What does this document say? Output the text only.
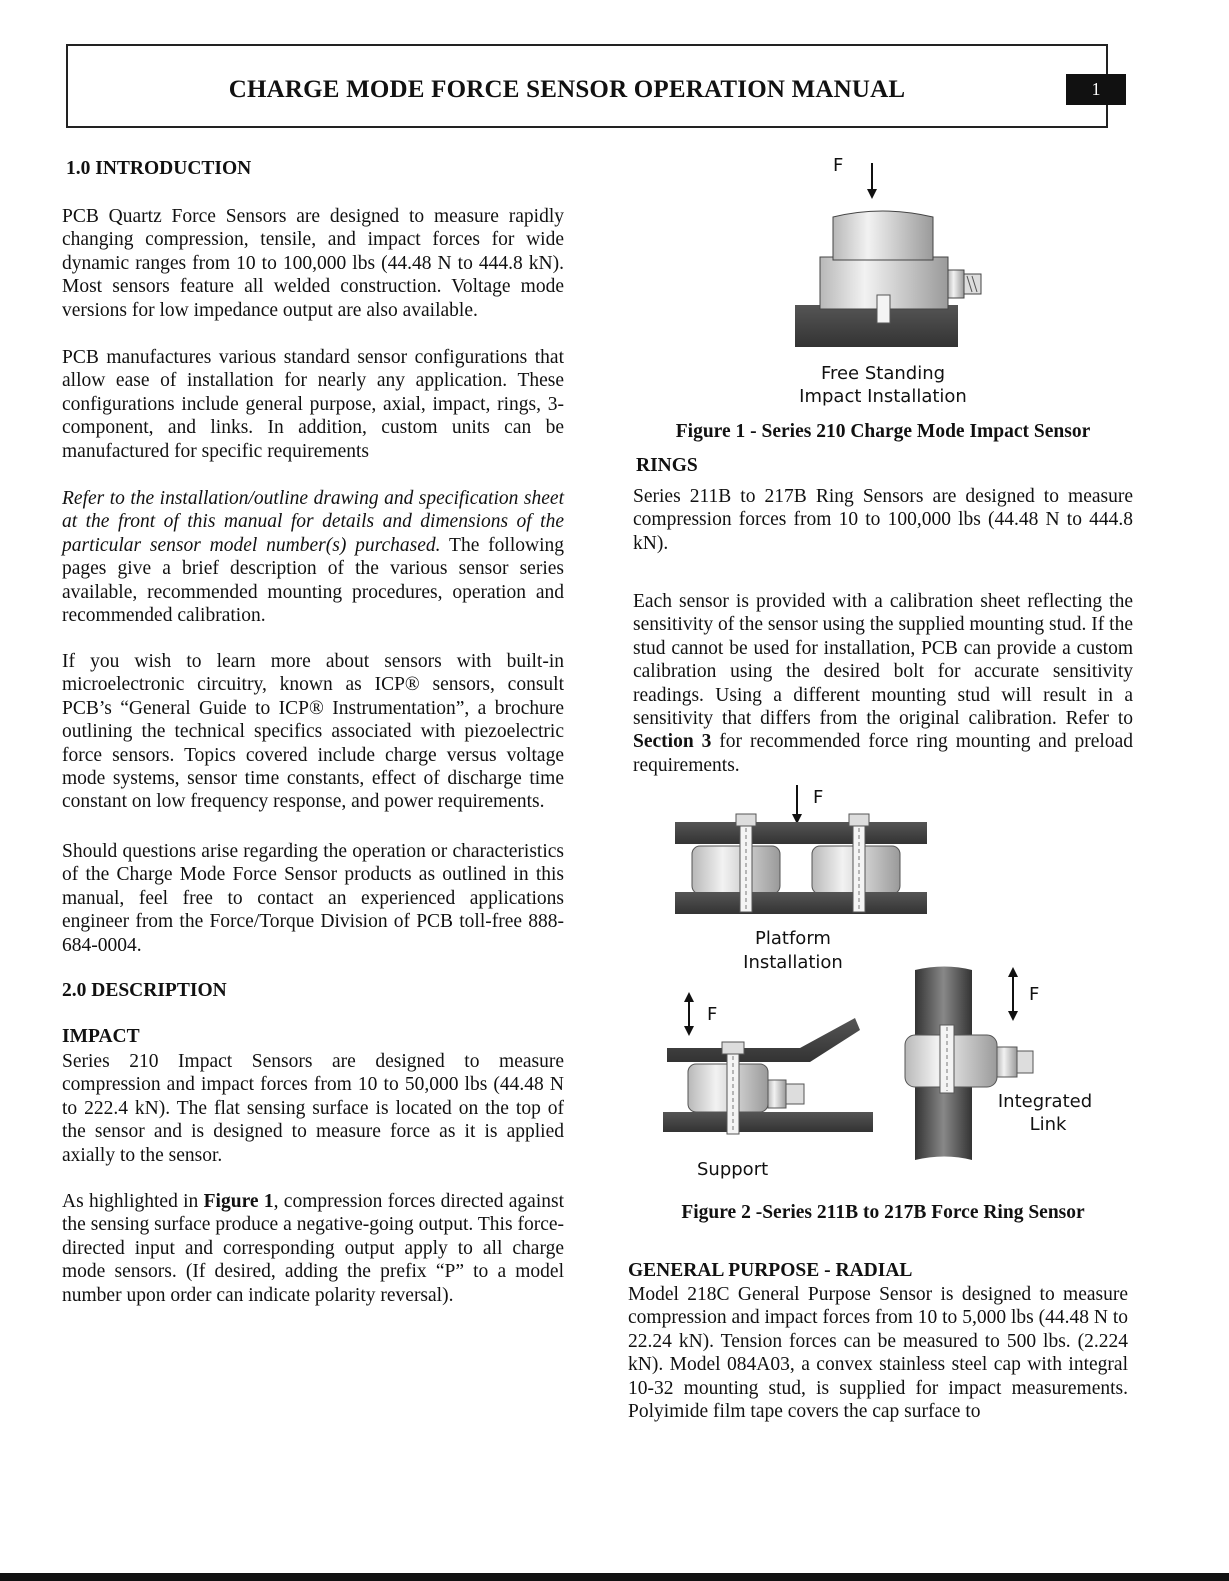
CHARGE MODE FORCE SENSOR OPERATION MANUAL	1
1.0 INTRODUCTION

PCB Quartz Force Sensors are designed to measure rapidly changing compression, tensile, and impact forces for wide dynamic ranges from 10 to 100,000 lbs (44.48 N to 444.8 kN). Most sensors feature all welded construction. Voltage mode versions for low impedance output are also available.

PCB manufactures various standard sensor configurations that allow ease of installation for nearly any application. These configurations include general purpose, axial, impact, rings, 3-component, and links. In addition, custom units can be manufactured for specific requirements

Refer to the installation/outline drawing and specification sheet at the front of this manual for details and dimensions of the particular sensor model number(s) purchased. The following pages give a brief description of the various sensor series available, recommended mounting procedures, operation and recommended calibration.

If you wish to learn more about sensors with built-in microelectronic circuitry, known as ICP® sensors, consult PCB’s “General Guide to ICP® Instrumentation”, a brochure outlining the technical specifics associated with piezoelectric force sensors. Topics covered include charge versus voltage mode systems, sensor time constants, effect of discharge time constant on low frequency response, and power requirements.

Should questions arise regarding the operation or characteristics of the Charge Mode Force Sensor products as outlined in this manual, feel free to contact an experienced applications engineer from the Force/Torque Division of PCB toll-free 888-684-0004.

2.0 DESCRIPTION
IMPACT

Series 210 Impact Sensors are designed to measure compression and impact forces from 10 to 50,000 lbs (44.48 N to 222.4 kN). The flat sensing surface is located on the top of the sensor and is designed to measure force as it is applied axially to the sensor.

As highlighted in Figure 1, compression forces directed against the sensing surface produce a negative-going output. This force-directed input and corresponding output apply to all charge mode sensors. (If desired, adding the prefix “P” to a model number upon order can indicate polarity reversal).

F
Free Standing
Impact Installation
Figure 1 - Series 210 Charge Mode Impact Sensor
RINGS

Series 211B to 217B Ring Sensors are designed to measure compression forces from 10 to 100,000 lbs (44.48 N to 444.8 kN).

Each sensor is provided with a calibration sheet reflecting the sensitivity of the sensor using the supplied mounting stud. If the stud cannot be used for installation, PCB can provide a custom calibration using the desired bolt for accurate sensitivity readings. Using a different mounting stud will result in a sensitivity that differs from the original calibration. Refer to Section 3 for recommended force ring mounting and preload requirements.

F
Platform
Installation
F
Support
F
Integrated
Link
Figure 2 -Series 211B to 217B Force Ring Sensor
GENERAL PURPOSE - RADIAL

Model 218C General Purpose Sensor is designed to measure compression and impact forces from 10 to 5,000 lbs (44.48 N to 22.24 kN). Tension forces can be measured to 500 lbs. (2.224 kN). Model 084A03, a convex stainless steel cap with integral 10-32 mounting stud, is supplied for impact measurements. Polyimide film tape covers the cap surface to
